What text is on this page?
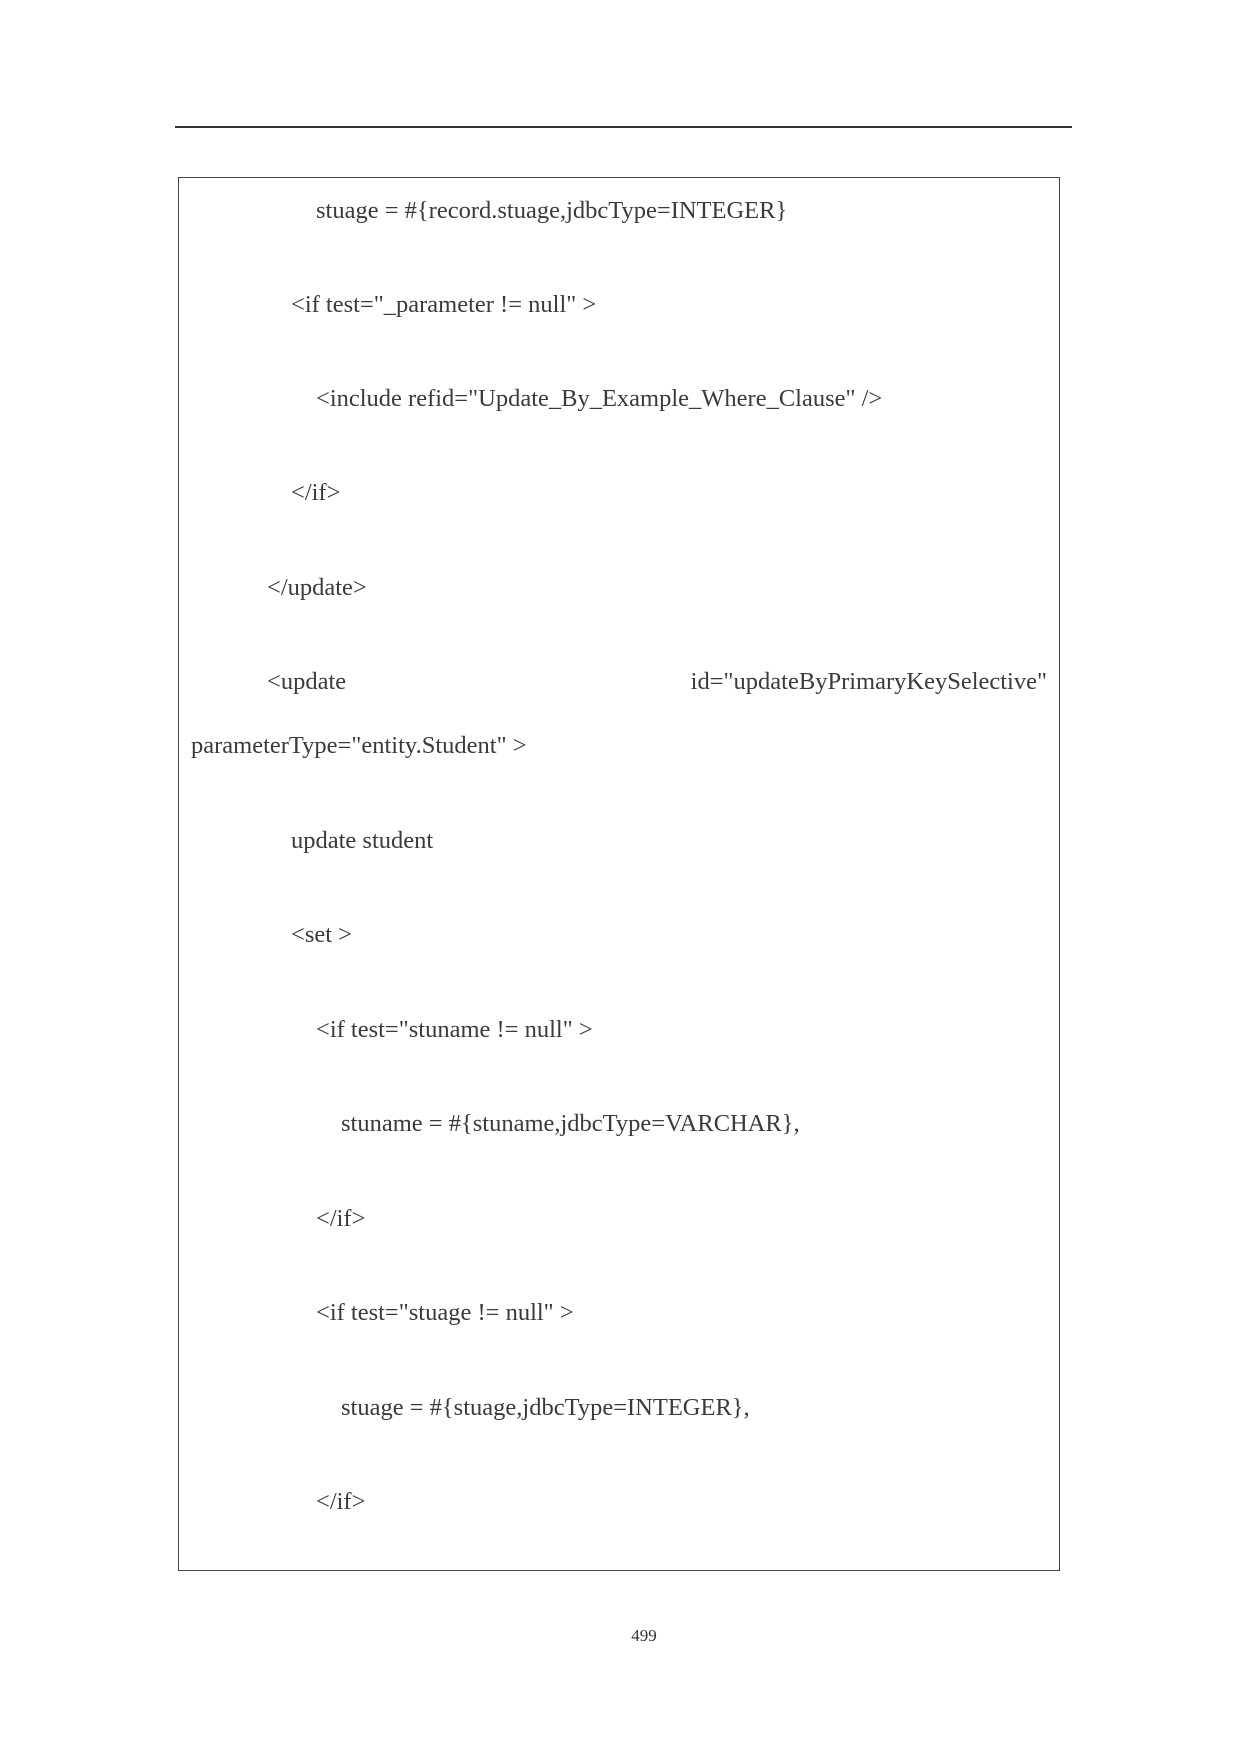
stuage = #{record.stuage,jdbcType=INTEGER}
<if test="_parameter != null" >
<include refid="Update_By_Example_Where_Clause" />
</if>
</update>
<update	id="updateByPrimaryKeySelective"
parameterType="entity.Student" >
update student
<set >
<if test="stuname != null" >
stuname = #{stuname,jdbcType=VARCHAR},
</if>
<if test="stuage != null" >
stuage = #{stuage,jdbcType=INTEGER},
</if>
499
